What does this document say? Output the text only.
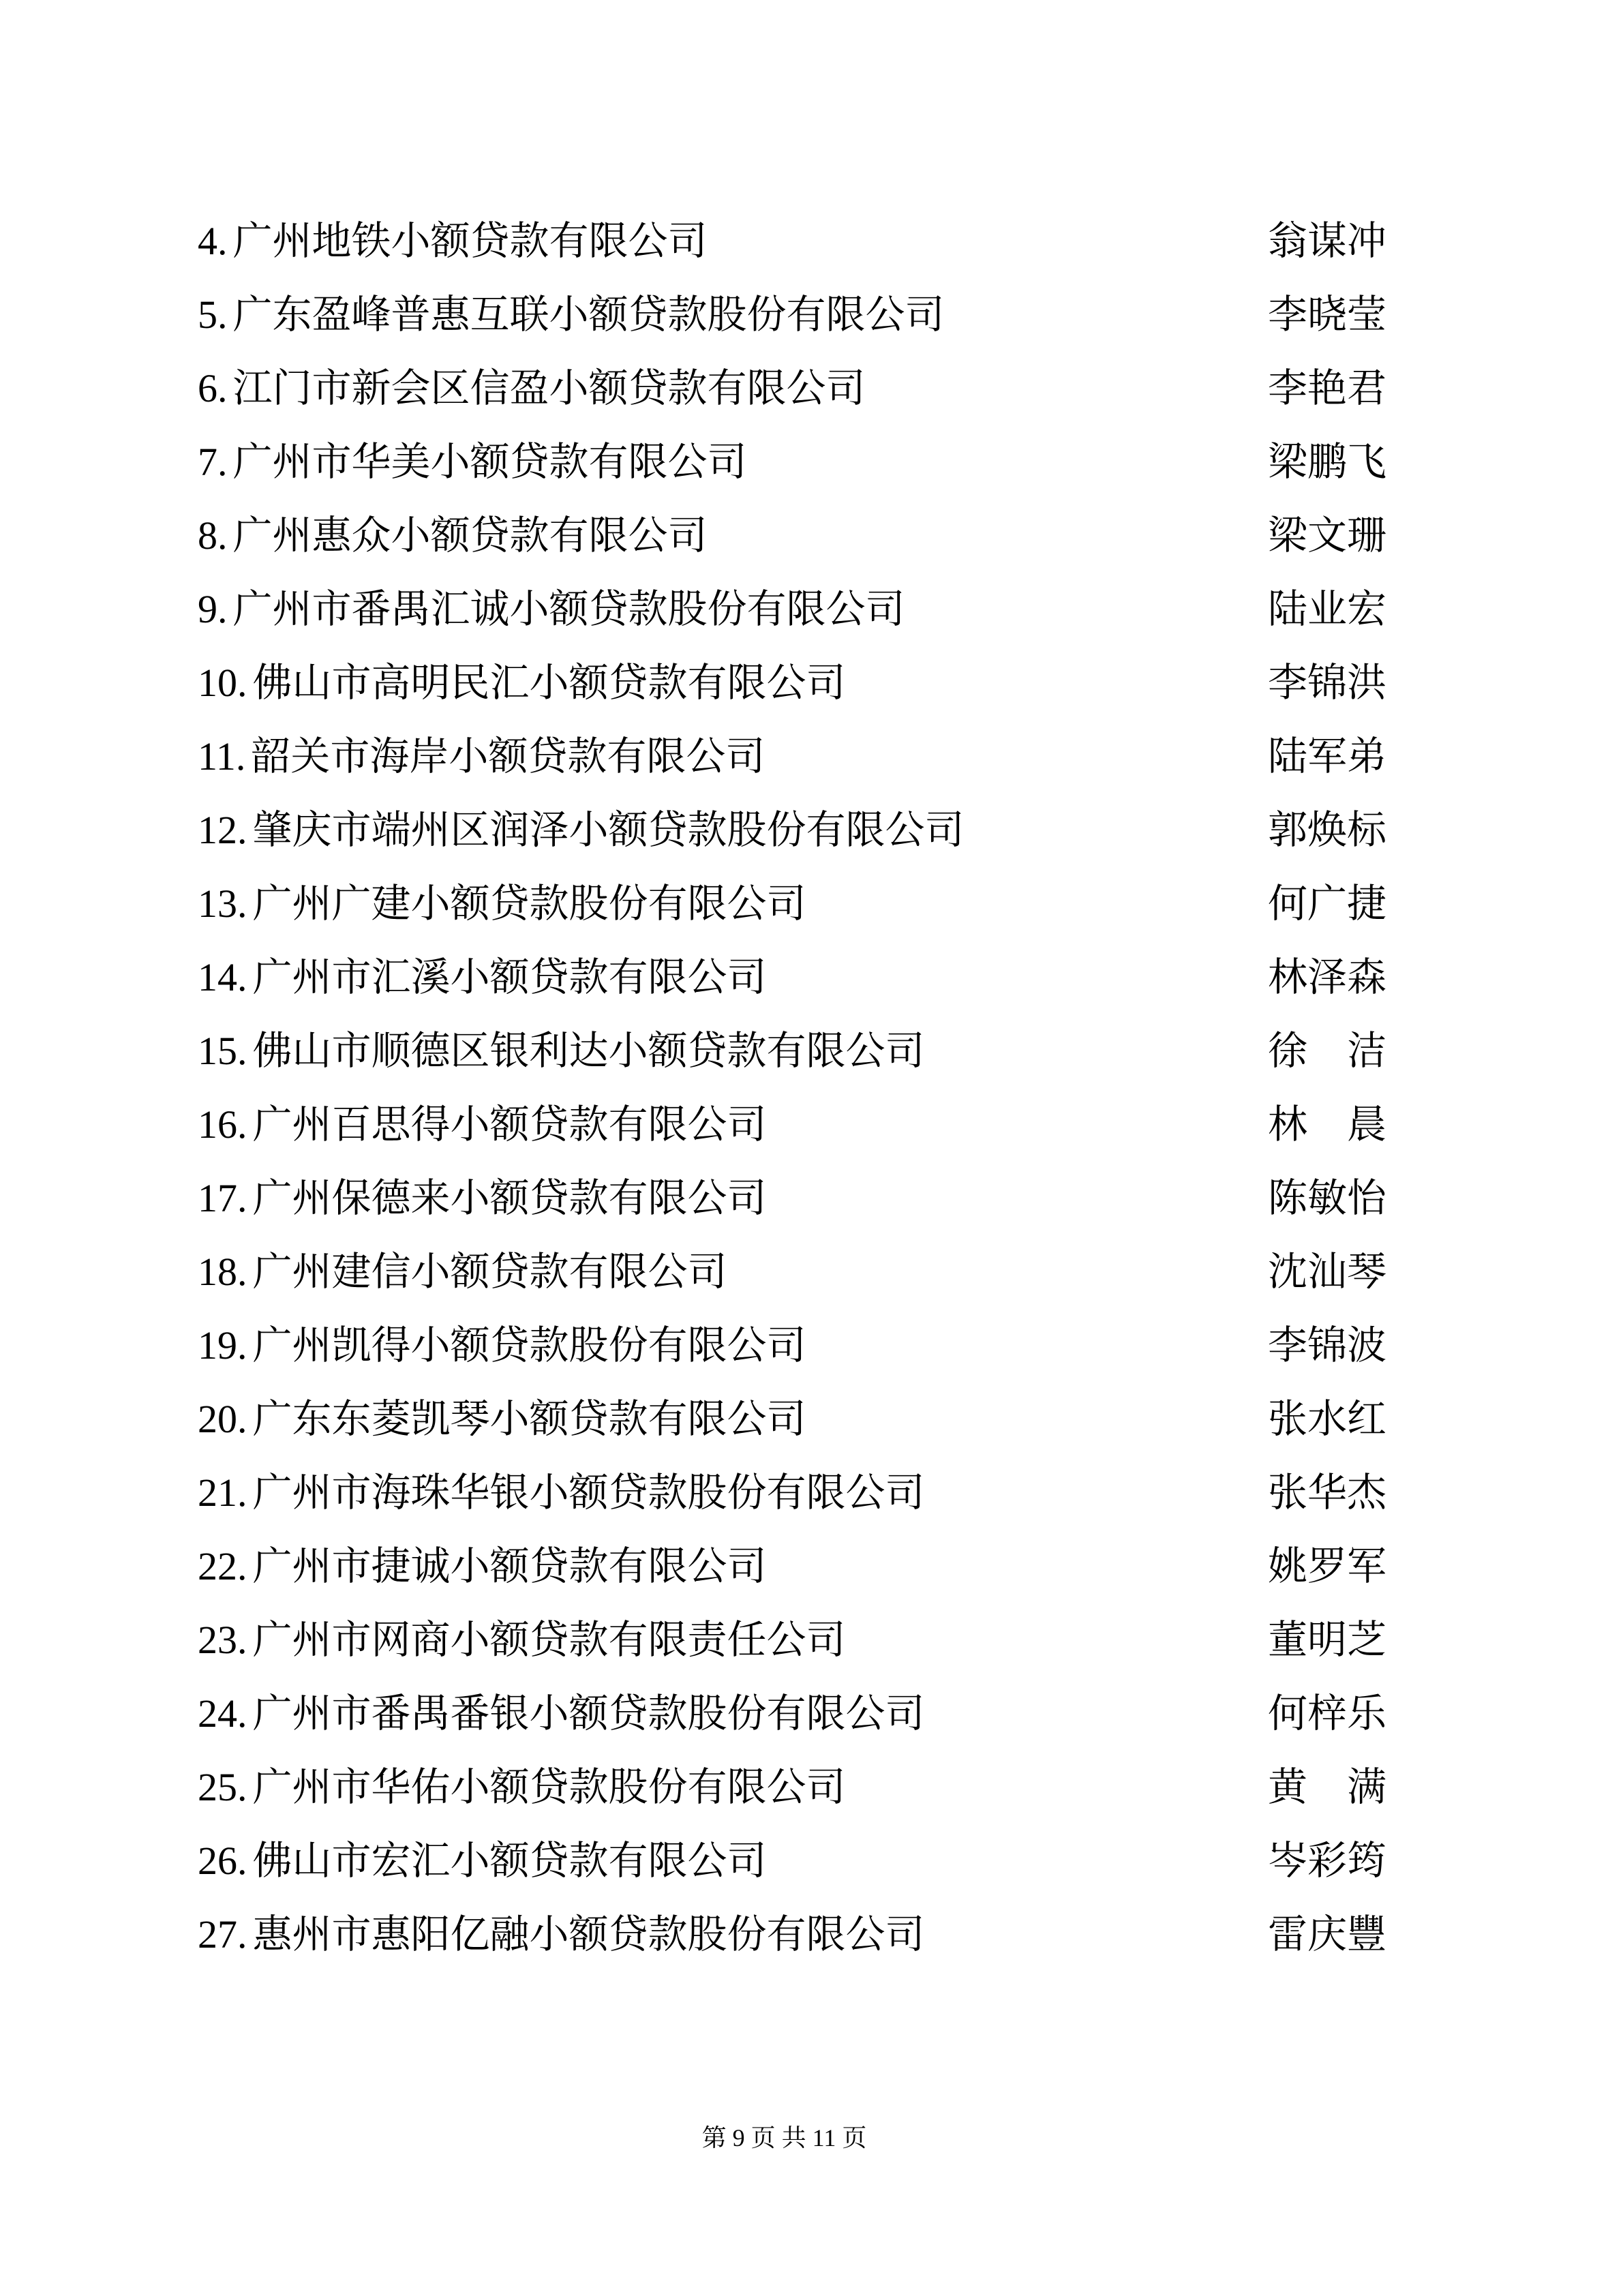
4. 广州地铁小额贷款有限公司	翁谋冲
5. 广东盈峰普惠互联小额贷款股份有限公司	李晓莹
6. 江门市新会区信盈小额贷款有限公司	李艳君
7. 广州市华美小额贷款有限公司	梁鹏飞
8. 广州惠众小额贷款有限公司	梁文珊
9. 广州市番禺汇诚小额贷款股份有限公司	陆业宏
10. 佛山市高明民汇小额贷款有限公司	李锦洪
11. 韶关市海岸小额贷款有限公司	陆军弟
12. 肇庆市端州区润泽小额贷款股份有限公司	郭焕标
13. 广州广建小额贷款股份有限公司	何广捷
14. 广州市汇溪小额贷款有限公司	林泽森
15. 佛山市顺德区银利达小额贷款有限公司	徐　洁
16. 广州百思得小额贷款有限公司	林　晨
17. 广州保德来小额贷款有限公司	陈敏怡
18. 广州建信小额贷款有限公司	沈汕琴
19. 广州凯得小额贷款股份有限公司	李锦波
20. 广东东菱凯琴小额贷款有限公司	张水红
21. 广州市海珠华银小额贷款股份有限公司	张华杰
22. 广州市捷诚小额贷款有限公司	姚罗军
23. 广州市网商小额贷款有限责任公司	董明芝
24. 广州市番禺番银小额贷款股份有限公司	何梓乐
25. 广州市华佑小额贷款股份有限公司	黄　满
26. 佛山市宏汇小额贷款有限公司	岑彩筠
27. 惠州市惠阳亿融小额贷款股份有限公司	雷庆豐
第 9 页 共 11 页
